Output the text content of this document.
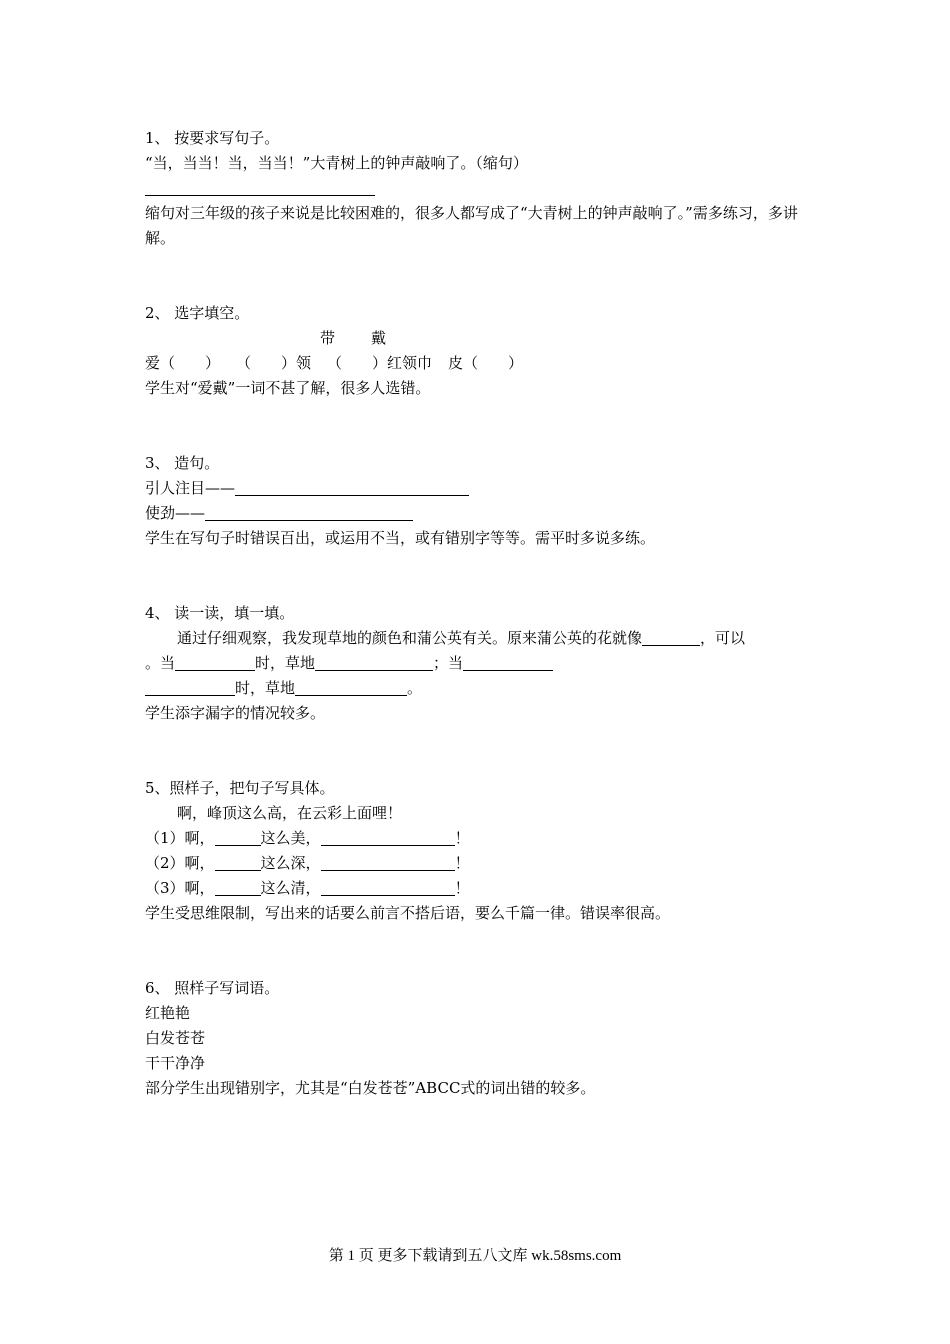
1、 按要求写句子。
“当，当当！当，当当！”大青树上的钟声敲响了。（缩句）
缩句对三年级的孩子来说是比较困难的，很多人都写成了“大青树上的钟声敲响了。”需多练习，多讲解。
2、 选字填空。
带 戴
爱（　　） （　　）领 （　　）红领巾 皮（　　）
学生对“爱戴”一词不甚了解，很多人选错。
3、 造句。
引人注目——
使劲——
学生在写句子时错误百出，或运用不当，或有错别字等等。需平时多说多练。
4、 读一读，填一填。
通过仔细观察，我发现草地的颜色和蒲公英有关。原来蒲公英的花就像	，可以
。当	时，草地	；当
时，草地	。
学生添字漏字的情况较多。
5、照样子，把句子写具体。
啊，峰顶这么高，在云彩上面哩！
（1）啊，	这么美，	！
（2）啊，	这么深，	！
（3）啊，	这么清，	！
学生受思维限制，写出来的话要么前言不搭后语，要么千篇一律。错误率很高。
6、 照样子写词语。
红艳艳
白发苍苍
干干净净
部分学生出现错别字，尤其是“白发苍苍”ABCC式的词出错的较多。
第 1 页 更多下载请到五八文库 wk.58sms.com
